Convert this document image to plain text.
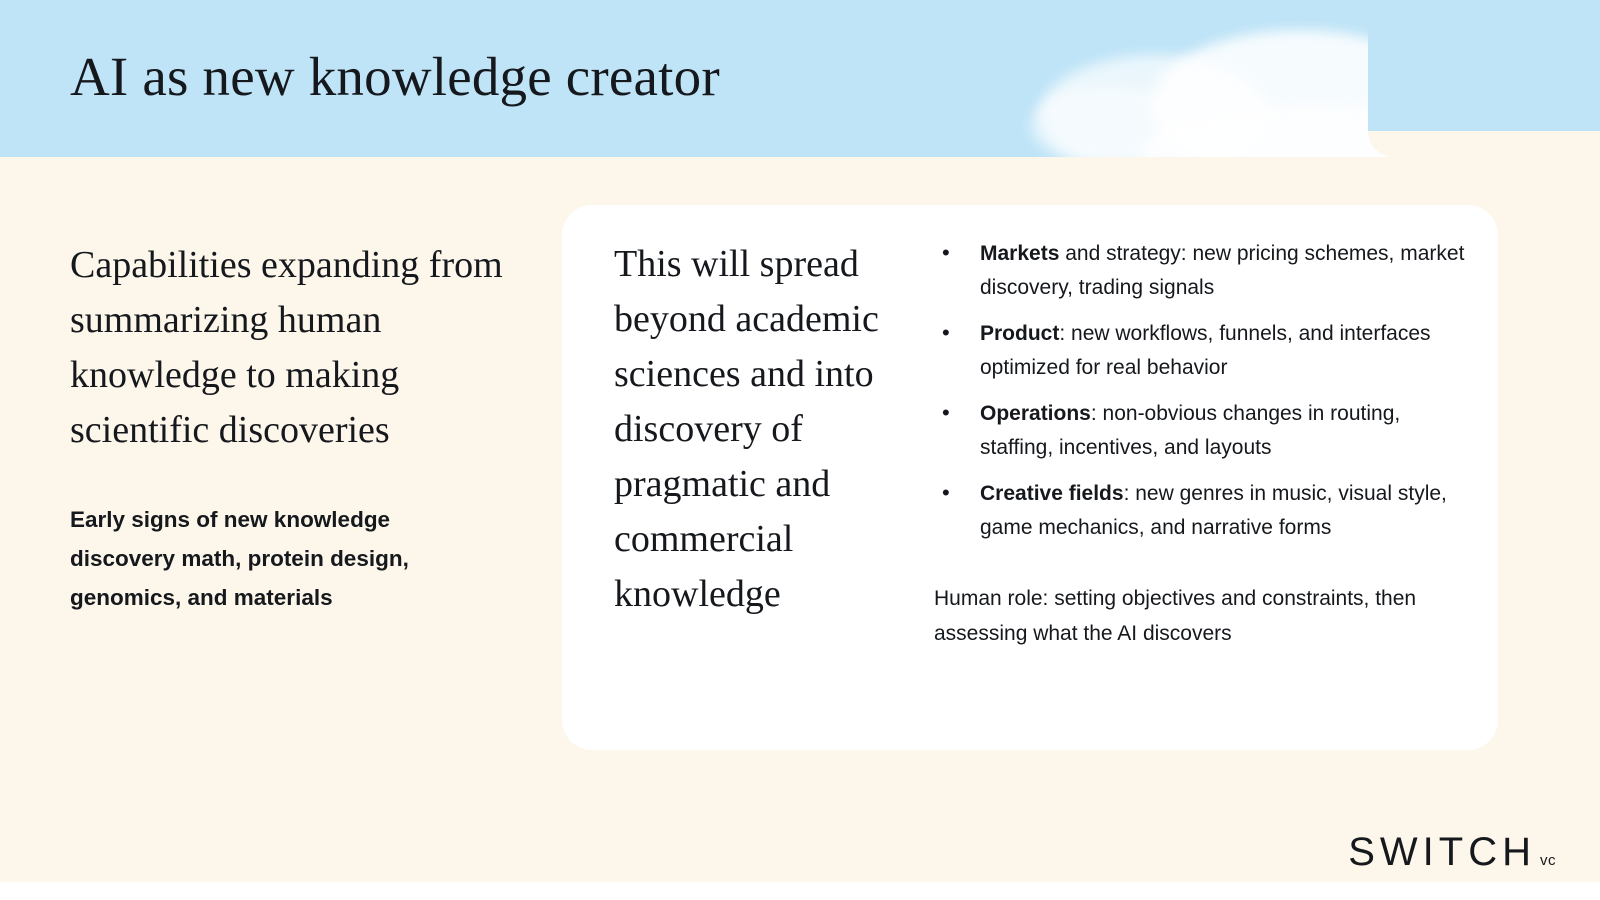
AI as new knowledge creator
Capabilities expanding from summarizing human knowledge to making scientific discoveries
Early signs of new knowledge discovery math, protein design, genomics, and materials
This will spread beyond academic sciences and into discovery of pragmatic and commercial knowledge
• Markets and strategy: new pricing schemes, market discovery, trading signals
• Product: new workflows, funnels, and interfaces optimized for real behavior
• Operations: non-obvious changes in routing, staffing, incentives, and layouts
• Creative fields: new genres in music, visual style, game mechanics, and narrative forms
Human role: setting objectives and constraints, then assessing what the AI discovers
SWITCH vc
